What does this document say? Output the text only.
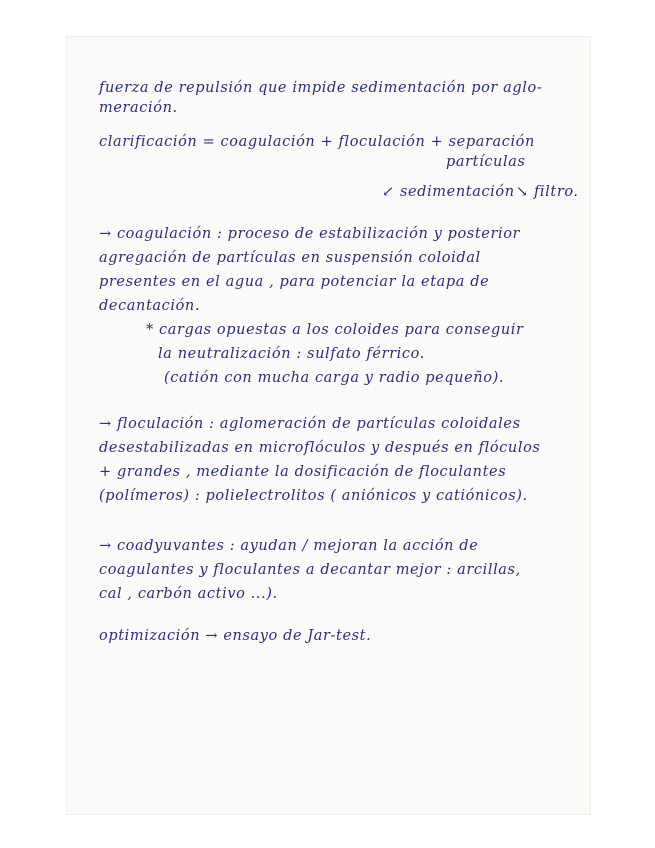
fuerza de repulsión que impide sedimentación por aglo-
meración.
clarificación = coagulación + floculación + separación
partículas
↙ sedimentación ↘ filtro.
→ coagulación : proceso de estabilización y posterior
agregación de partículas en suspensión coloidal
presentes en el agua , para potenciar la etapa de
decantación.
* cargas opuestas a los coloides para conseguir
la neutralización : sulfato férrico.
(catión con mucha carga y radio pequeño).
→ floculación : aglomeración de partículas coloidales
desestabilizadas en microflóculos y después en flóculos
+ grandes , mediante la dosificación de floculantes
(polímeros) : polielectrolitos ( aniónicos y catiónicos).
→ coadyuvantes : ayudan / mejoran la acción de
coagulantes y floculantes a decantar mejor : arcillas,
cal , carbón activo ...).
optimización → ensayo de Jar-test.
